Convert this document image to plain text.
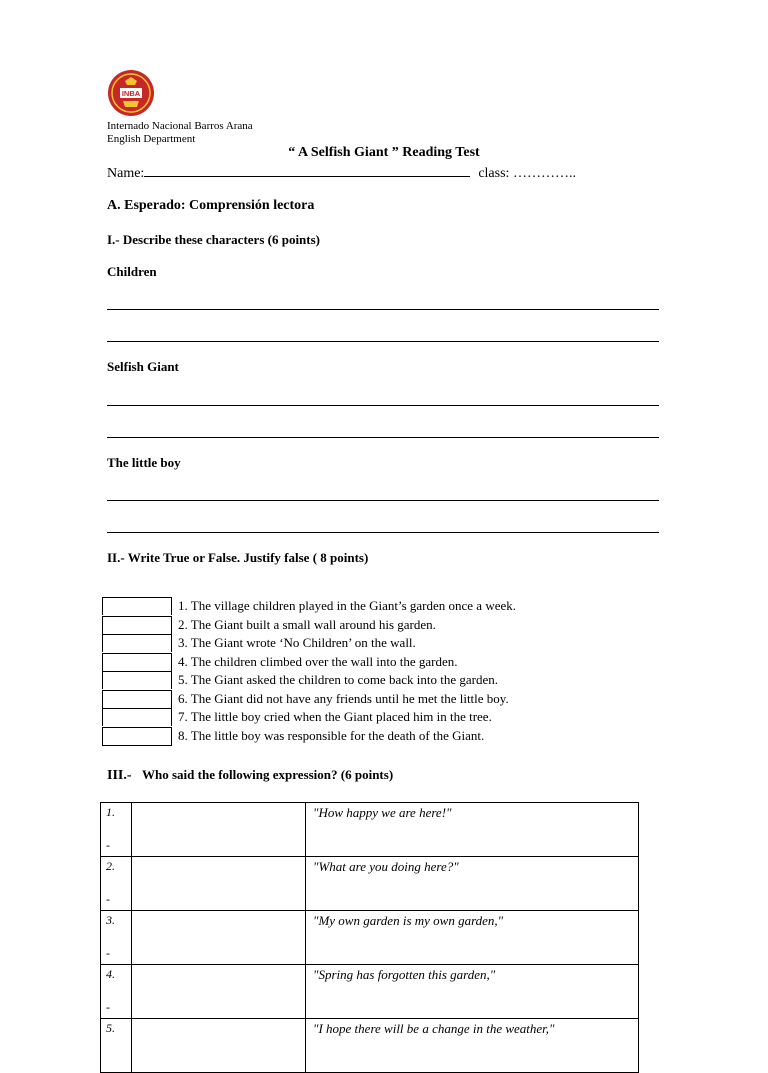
INBA
Internado Nacional Barros Arana
English Department
“ A Selfish Giant ” Reading Test
Name:	class: …………..
A. Esperado: Comprensión lectora
I.- Describe these characters (6 points)
Children
Selfish Giant
The little boy
II.- Write True or False. Justify false ( 8 points)
1. The village children played in the Giant’s garden once a week.
2. The Giant built a small wall around his garden.
3. The Giant wrote ‘No Children’ on the wall.
4. The children climbed over the wall into the garden.
5. The Giant asked the children to come back into the garden.
6. The Giant did not have any friends until he met the little boy.
7. The little boy cried when the Giant placed him in the tree.
8. The little boy was responsible for the death of the Giant.
III.- Who said the following expression? (6 points)
1.
-		"How happy we are here!"

2.
-		"What are you doing here?"

3.
-		"My own garden is my own garden,"

4.
-		"Spring has forgotten this garden,"

5.		"I hope there will be a change in the weather,"
